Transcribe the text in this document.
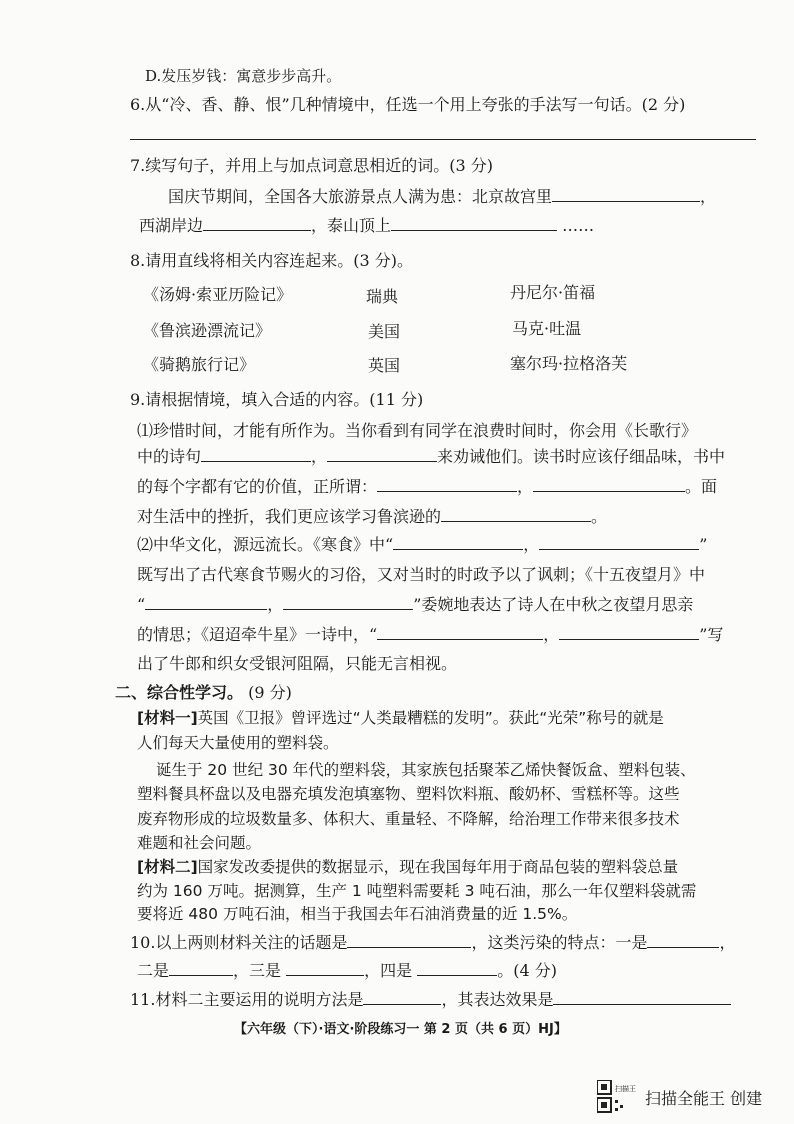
D.发压岁钱：寓意步步高升。
6.从“冷、香、静、恨”几种情境中，任选一个用上夸张的手法写一句话。(2 分)
7.续写句子，并用上与加点词意思相近的词。(3 分)
国庆节期间，全国各大旅游景点人满为患：北京故宫里	，
西湖岸边	，泰山顶上	……
8.请用直线将相关内容连起来。(3 分)。
《汤姆·索亚历险记》	瑞典	丹尼尔·笛福
《鲁滨逊漂流记》	美国	马克·吐温
《骑鹅旅行记》	英国	塞尔玛·拉格洛芙
9.请根据情境，填入合适的内容。(11 分)
⑴珍惜时间，才能有所作为。当你看到有同学在浪费时间时，你会用《长歌行》
中的诗句	，	来劝诫他们。读书时应该仔细品味，书中
的每个字都有它的价值，正所谓：	，	。面
对生活中的挫折，我们更应该学习鲁滨逊的	。
⑵中华文化，源远流长。《寒食》中“	，	”
既写出了古代寒食节赐火的习俗，又对当时的时政予以了讽刺；《十五夜望月》中
“	，	”委婉地表达了诗人在中秋之夜望月思亲
的情思；《迢迢牵牛星》一诗中，“	，	”写
出了牛郎和织女受银河阻隔，只能无言相视。
二、综合性学习。 (9 分)
[材料一]英国《卫报》曾评选过“人类最糟糕的发明”。获此“光荣”称号的就是
人们每天大量使用的塑料袋。
诞生于 20 世纪 30 年代的塑料袋，其家族包括聚苯乙烯快餐饭盒、塑料包装、
塑料餐具杯盘以及电器充填发泡填塞物、塑料饮料瓶、酸奶杯、雪糕杯等。这些
废弃物形成的垃圾数量多、体积大、重量轻、不降解，给治理工作带来很多技术
难题和社会问题。
[材料二]国家发改委提供的数据显示，现在我国每年用于商品包装的塑料袋总量
约为 160 万吨。据测算，生产 1 吨塑料需要耗 3 吨石油，那么一年仅塑料袋就需
要将近 480 万吨石油，相当于我国去年石油消费量的近 1.5%。
10.以上两则材料关注的话题是	，这类污染的特点：一是	，
二是	，三是	，四是	。(4 分)
11.材料二主要运用的说明方法是	，其表达效果是
【六年级（下）·语文·阶段练习一 第 2 页（共 6 页）HJ】
扫描王 扫描全能王 创建
